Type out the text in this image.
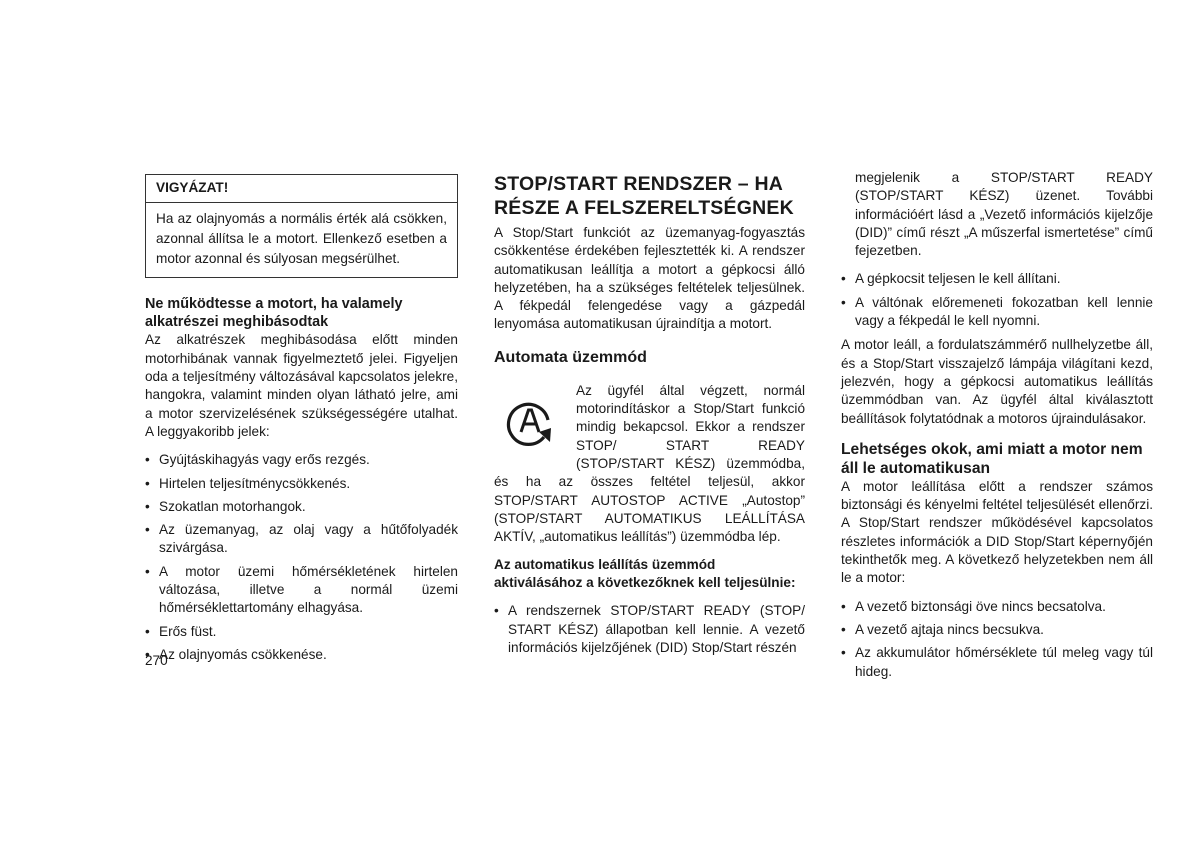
VIGYÁZAT!

Ha az olajnyomás a normális érték alá csökken, azonnal állítsa le a motort. Ellenkező esetben a motor azonnal és súlyosan megsérülhet.

Ne működtesse a motort, ha valamely alkatrészei meghibásodtak

Az alkatrészek meghibásodása előtt minden motorhibának vannak figyelmeztető jelei. Figyeljen oda a teljesítmény változásával kapcsolatos jelekre, hangokra, valamint minden olyan látható jelre, ami a motor szervizelésének szükségességére utalhat. A leggyakoribb jelek:

• Gyújtáskihagyás vagy erős rezgés.
• Hirtelen teljesítménycsökkenés.
• Szokatlan motorhangok.
• Az üzemanyag, az olaj vagy a hűtőfolyadék szivárgása.
• A motor üzemi hőmérsékletének hirtelen változása, illetve a normál üzemi hőmérséklettartomány elhagyása.
• Erős füst.
• Az olajnyomás csökkenése.
STOP/START RENDSZER – HA RÉSZE A FELSZERELTSÉGNEK

A Stop/Start funkciót az üzemanyag-fogyasztás csökkentése érdekében fejlesztették ki. A rendszer automatikusan leállítja a motort a gépkocsi álló helyzetében, ha a szükséges feltételek teljesülnek. A fékpedál felengedése vagy a gázpedál lenyomása automatikusan újraindítja a motort.

Automata üzemmód

Az ügyfél által végzett, normál motorindításkor a Stop/Start funkció mindig bekapcsol. Ekkor a rendszer STOP/ START READY (STOP/START KÉSZ) üzemmódba, és ha az összes feltétel teljesül, akkor STOP/START AUTOSTOP ACTIVE „Autostop” (STOP/START AUTOMATIKUS LEÁLLÍTÁSA AKTÍV, „automatikus leállítás”) üzemmódba lép.

Az automatikus leállítás üzemmód aktiválásához a következőknek kell teljesülnie:

• A rendszernek STOP/START READY (STOP/ START KÉSZ) állapotban kell lennie. A vezető információs kijelzőjének (DID) Stop/Start részén

megjelenik a STOP/START READY (STOP/START KÉSZ) üzenet. További információért lásd a „Vezető információs kijelzője (DID)” című részt „A műszerfal ismertetése” című fejezetben.

• A gépkocsit teljesen le kell állítani.
• A váltónak előremeneti fokozatban kell lennie vagy a fékpedál le kell nyomni.

A motor leáll, a fordulatszámmérő nullhelyzetbe áll, és a Stop/Start visszajelző lámpája világítani kezd, jelezvén, hogy a gépkocsi automatikus leállítás üzemmódban van. Az ügyfél által kiválasztott beállítások folytatódnak a motoros újraindulásakor.

Lehetséges okok, ami miatt a motor nem áll le automatikusan

A motor leállítása előtt a rendszer számos biztonsági és kényelmi feltétel teljesülését ellenőrzi. A Stop/Start rendszer működésével kapcsolatos részletes információk a DID Stop/Start képernyőjén tekinthetők meg. A következő helyzetekben nem áll le a motor:

• A vezető biztonsági öve nincs becsatolva.
• A vezető ajtaja nincs becsukva.
• Az akkumulátor hőmérséklete túl meleg vagy túl hideg.
270
